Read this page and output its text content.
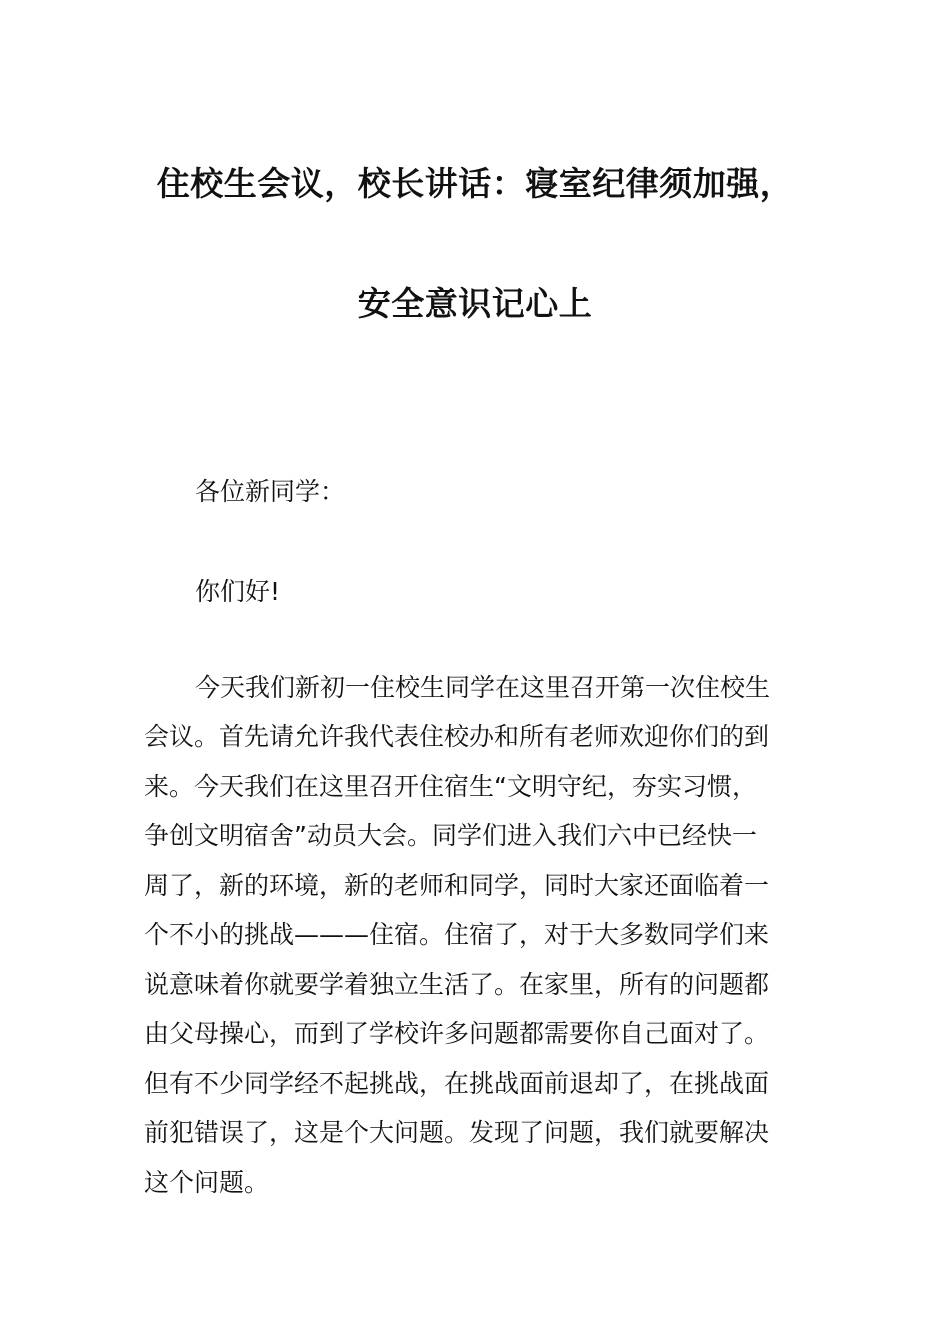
住校生会议，校长讲话：寝室纪律须加强，
安全意识记心上
各位新同学：
你们好!
今天我们新初一住校生同学在这里召开第一次住校生
会议。首先请允许我代表住校办和所有老师欢迎你们的到
来。今天我们在这里召开住宿生“文明守纪，夯实习惯，
争创文明宿舍”动员大会。同学们进入我们六中已经快一
周了，新的环境，新的老师和同学，同时大家还面临着一
个不小的挑战———住宿。住宿了，对于大多数同学们来
说意味着你就要学着独立生活了。在家里，所有的问题都
由父母操心，而到了学校许多问题都需要你自己面对了。
但有不少同学经不起挑战，在挑战面前退却了，在挑战面
前犯错误了，这是个大问题。发现了问题，我们就要解决
这个问题。
